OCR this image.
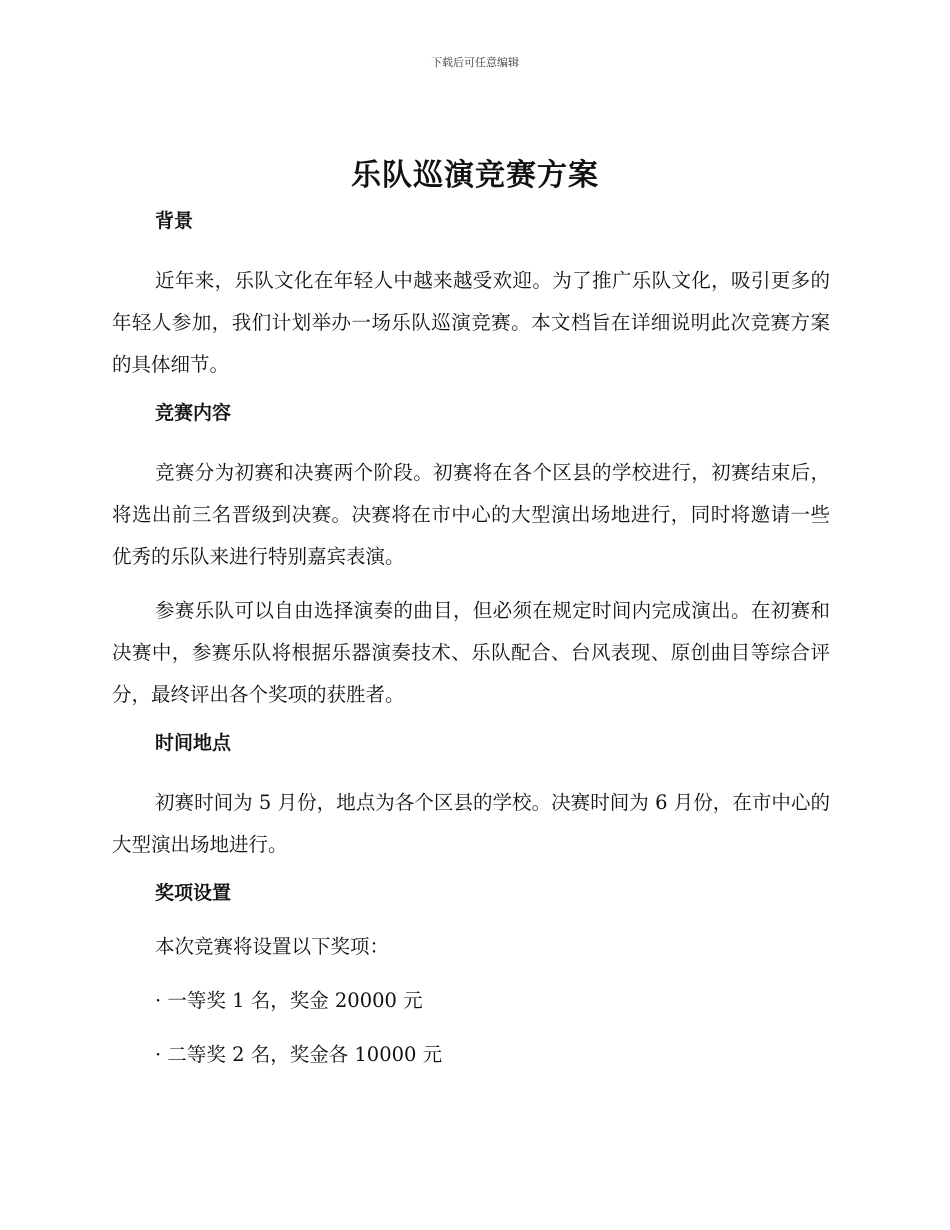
下载后可任意编辑
乐队巡演竞赛方案
背景

近年来，乐队文化在年轻人中越来越受欢迎。为了推广乐队文化，吸引更多的年轻人参加，我们计划举办一场乐队巡演竞赛。本文档旨在详细说明此次竞赛方案的具体细节。

竞赛内容

竞赛分为初赛和决赛两个阶段。初赛将在各个区县的学校进行，初赛结束后，将选出前三名晋级到决赛。决赛将在市中心的大型演出场地进行，同时将邀请一些优秀的乐队来进行特别嘉宾表演。

参赛乐队可以自由选择演奏的曲目，但必须在规定时间内完成演出。在初赛和决赛中，参赛乐队将根据乐器演奏技术、乐队配合、台风表现、原创曲目等综合评分，最终评出各个奖项的获胜者。

时间地点

初赛时间为 5 月份，地点为各个区县的学校。决赛时间为 6 月份，在市中心的大型演出场地进行。

奖项设置
本次竞赛将设置以下奖项：
· 一等奖 1 名，奖金 20000 元
· 二等奖 2 名，奖金各 10000 元
